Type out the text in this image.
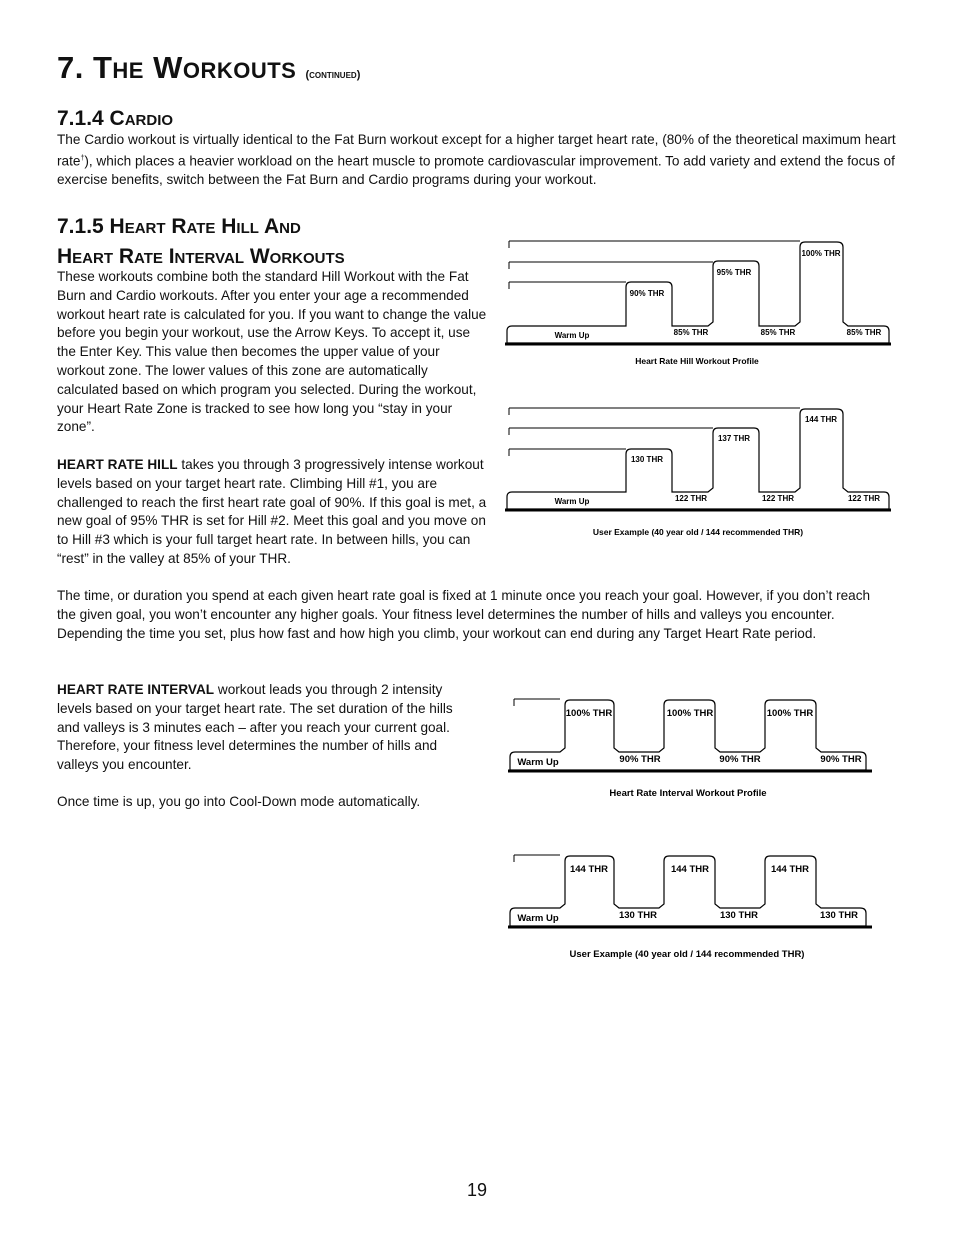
7. The Workouts (continued)
7.1.4 Cardio

The Cardio workout is virtually identical to the Fat Burn workout except for a higher target heart rate, (80% of the theoretical maximum heart rate†), which places a heavier workload on the heart muscle to promote cardiovascular improvement. To add variety and extend the focus of exercise benefits, switch between the Fat Burn and Cardio programs during your workout.

7.1.5 Heart Rate Hill And
Heart Rate Interval Workouts

These workouts combine both the standard Hill Workout with the Fat Burn and Cardio workouts. After you enter your age a recommended workout heart rate is calculated for you. If you want to change the value before you begin your workout, use the Arrow Keys. To accept it, use the Enter Key. This value then becomes the upper value of your workout zone. The lower values of this zone are automatically calculated based on which program you selected. During the workout, your Heart Rate Zone is tracked to see how long you “stay in your zone”.

HEART RATE HILL takes you through 3 progressively intense workout levels based on your target heart rate. Climbing Hill #1, you are challenged to reach the first heart rate goal of 90%. If this goal is met, a new goal of 95% THR is set for Hill #2. Meet this goal and you move on to Hill #3 which is your full target heart rate. In between hills, you can “rest” in the valley at 85% of your THR.

The time, or duration you spend at each given heart rate goal is fixed at 1 minute once you reach your goal. However, if you don’t reach the given goal, you won’t encounter any higher goals. Your fitness level determines the number of hills and valleys you encounter. Depending the time you set, plus how fast and how high you climb, your workout can end during any Target Heart Rate period.

HEART RATE INTERVAL workout leads you through 2 intensity levels based on your target heart rate. The set duration of the hills and valleys is 3 minutes each – after you reach your current goal. Therefore, your fitness level determines the number of hills and valleys you encounter.

Once time is up, you go into Cool-Down mode automatically.

Warm Up
90% THR
85% THR
95% THR
85% THR
100% THR
85% THR
Heart Rate Hill Workout Profile
Warm Up
130 THR
122 THR
137 THR
122 THR
144 THR
122 THR
User Example (40 year old / 144 recommended THR)
Warm Up
100% THR
90% THR
100% THR
90% THR
100% THR
90% THR
Heart Rate Interval Workout Profile
Warm Up
144 THR
130 THR
144 THR
130 THR
144 THR
130 THR
User Example (40 year old / 144 recommended THR)
19
